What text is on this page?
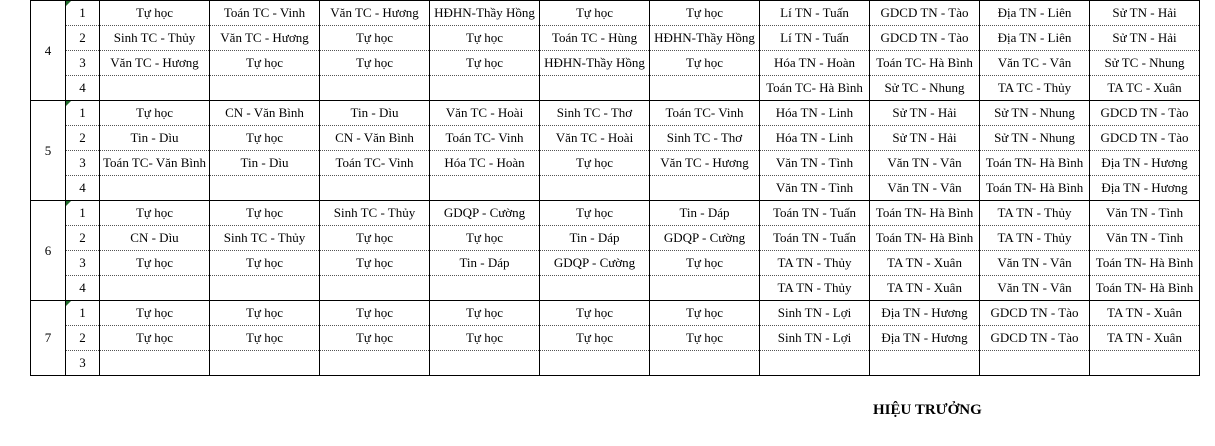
4	1	Tự học	Toán TC - Vinh	Văn TC - Hương	HĐHN-Thầy Hồng	Tự học	Tự học	Lí TN - Tuấn	GDCD TN - Tào	Địa TN - Liên	Sử TN - Hải
	2	Sinh TC - Thủy	Văn TC - Hương	Tự học	Tự học	Toán TC - Hùng	HĐHN-Thầy Hồng	Lí TN - Tuấn	GDCD TN - Tào	Địa TN - Liên	Sử TN - Hải
	3	Văn TC - Hương	Tự học	Tự học	Tự học	HĐHN-Thầy Hồng	Tự học	Hóa TN - Hoàn	Toán TC- Hà Bình	Văn TC - Vân	Sử TC - Nhung
	4							Toán TC- Hà Bình	Sử TC - Nhung	TA TC - Thủy	TA TC - Xuân
5	1	Tự học	CN - Văn Bình	Tin - Dìu	Văn TC - Hoài	Sinh TC - Thơ	Toán TC- Vinh	Hóa TN - Linh	Sử TN - Hải	Sử TN - Nhung	GDCD TN - Tào
	2	Tin - Dìu	Tự học	CN - Văn Bình	Toán TC- Vinh	Văn TC - Hoài	Sinh TC - Thơ	Hóa TN - Linh	Sử TN - Hải	Sử TN - Nhung	GDCD TN - Tào
	3	Toán TC- Văn Bình	Tin - Dìu	Toán TC- Vinh	Hóa TC - Hoàn	Tự học	Văn TC - Hương	Văn TN - Tình	Văn TN - Vân	Toán TN- Hà Bình	Địa TN - Hương
	4							Văn TN - Tình	Văn TN - Vân	Toán TN- Hà Bình	Địa TN - Hương
6	1	Tự học	Tự học	Sinh TC - Thủy	GDQP - Cường	Tự học	Tin - Dáp	Toán TN - Tuấn	Toán TN- Hà Bình	TA TN - Thủy	Văn TN - Tình
	2	CN - Dìu	Sinh TC - Thủy	Tự học	Tự học	Tin - Dáp	GDQP - Cường	Toán TN - Tuấn	Toán TN- Hà Bình	TA TN - Thủy	Văn TN - Tình
	3	Tự học	Tự học	Tự học	Tin - Dáp	GDQP - Cường	Tự học	TA TN - Thủy	TA TN - Xuân	Văn TN - Vân	Toán TN- Hà Bình
	4							TA TN - Thủy	TA TN - Xuân	Văn TN - Vân	Toán TN- Hà Bình
7	1	Tự học	Tự học	Tự học	Tự học	Tự học	Tự học	Sinh TN - Lợi	Địa TN - Hương	GDCD TN - Tào	TA TN - Xuân
	2	Tự học	Tự học	Tự học	Tự học	Tự học	Tự học	Sinh TN - Lợi	Địa TN - Hương	GDCD TN - Tào	TA TN - Xuân
	3										
HIỆU TRƯỞNG
